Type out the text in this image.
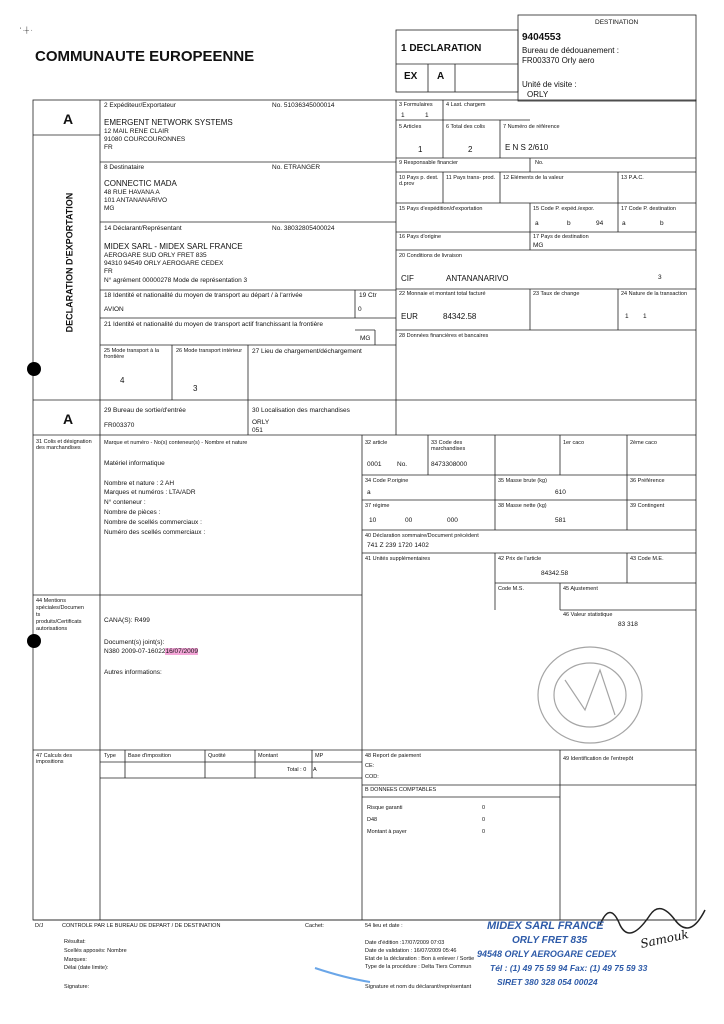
' ·┼ ·
COMMUNAUTE EUROPEENNE
DESTINATION
1 DECLARATION
EX A
9404553
Bureau de dédouanement :
FR003370 Orly aero
Unité de visite :
ORLY
A
A
DECLARATION D'EXPORTATION
2 Expéditeur/Exportateur	No. 51036345000014
EMERGENT NETWORK SYSTEMS
12 MAIL RENE CLAIR
91080 COURCOURONNES
FR
8 Destinataire	No. ETRANGER
CONNECTIC MADA
48 RUE HAVANA A
101 ANTANANARIVO
MG
14 Déclarant/Représentant	No. 38032805400024
MIDEX SARL - MIDEX SARL FRANCE
AEROGARE SUD ORLY FRET 835
94310 94549 ORLY AEROGARE CEDEX
FR
N° agrément 00000278 Mode de représentation 3
18 Identité et nationalité du moyen de transport au départ / à l'arrivée
AVION
19 Ctr
0
21 Identité et nationalité du moyen de transport actif franchissant la frontière
MG
25 Mode transport à la frontière
4
26 Mode transport intérieur
3
27 Lieu de chargement/déchargement
29 Bureau de sortie/d'entrée
FR003370
30 Localisation des marchandises
ORLY
051
3 Formulaires
1	1
4 Last. chargem
5 Articles
1
6 Total des colis
2
7 Numéro de référence
E N S 2/610
9 Responsable financier	No.
10 Pays p. dest. d.prov
11 Pays trans- prod.	12 Eléments de la valeur	13 P.A.C.
15 Pays d'expédition/d'exportation	15 Code P. expéd./expor.
a	b	94
17 Code P. destination
a	b
16 Pays d'origine	17 Pays de destination
MG
20 Conditions de livraison
CIF	ANTANANARIVO	3
22 Monnaie et montant total facturé
EUR	84342.58
23 Taux de change	24 Nature de la transaction
1 1
28 Données financières et bancaires
31 Colis et désignation des marchandises
Marque et numéro - No(s) conteneur(s) - Nombre et nature
Matériel informatique
Nombre et nature : 2 AH
Marques et numéros : LTA/ADR
N° conteneur :
Nombre de pièces :
Nombre de scellés commerciaux :
Numéro des scellés commerciaux :
32 article
0001 No.
33 Code des marchandises
8473308000
1er caco	2ème caco
34 Code P.origine
a
35 Masse brute (kg)
610
36 Préférence
37 régime
10	00	000
38 Masse nette (kg)
581
39 Contingent
40 Déclaration sommaire/Document précédent
741 Z 239 1720 1402
41 Unités supplémentaires	42 Prix de l'article
84342.58
43 Code M.E.
Code M.S.	45 Ajustement
46 Valeur statistique
83 318
44 Mentions
spéciales/Documen
ts
produits/Certificats
autorisations
CANA(S): R499
Document(s) joint(s):
N380 2009-07-1602216/07/2009
Autres informations:
47 Calculs des impositions
Type Base d'imposition	Quotité	Montant	MP
Total : 0 A
48 Report de paiement
CE:
COD:
49 Identification de l'entrepôt
B DONNEES COMPTABLES
Risque garanti	0
D48	0
Montant à payer	0
D/J	CONTROLE PAR LE BUREAU DE DEPART / DE DESTINATION	Cachet:
Résultat:
Scellés apposés: Nombre
Marques:
Délai (date limite):
Signature:
54 lieu et date :
Date d'édition :17/07/2009 07:03
Date de validation : 16/07/2009 05:46
Etat de la déclaration : Bon à enlever / Sortie
Type de la procédure : Delta Tiers Commun
Signature et nom du déclarant/représentant
MIDEX SARL FRANCE
ORLY FRET 835
94548 ORLY AEROGARE CEDEX
Tél : (1) 49 75 59 94 Fax: (1) 49 75 59 33
SIRET 380 328 054 00024
Samouk
